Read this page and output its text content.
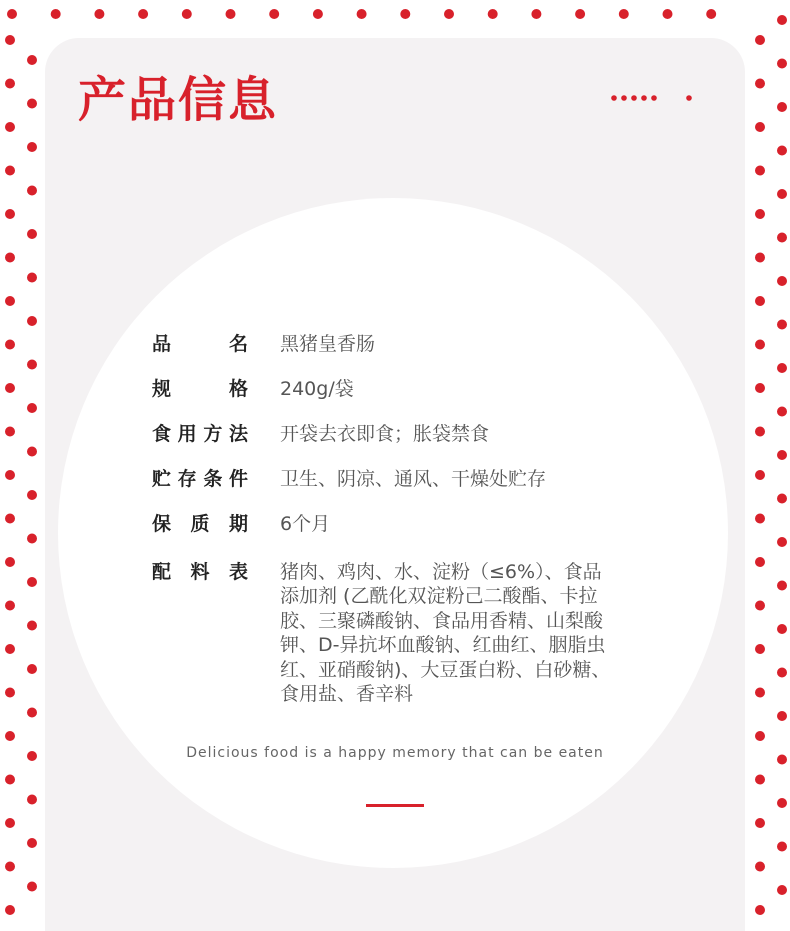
产品信息
品	名 黑猪皇香肠
规	格 240g/袋
食 用 方 法 开袋去衣即食；胀袋禁食
贮 存 条 件 卫生、阴凉、通风、干燥处贮存
保 质 期 6个月
配 料 表 猪肉、鸡肉、水、淀粉（≤6%）、食品
添加剂 (乙酰化双淀粉己二酸酯、卡拉
胶、三聚磷酸钠、食品用香精、山梨酸
钾、D-异抗坏血酸钠、红曲红、胭脂虫
红、亚硝酸钠)、大豆蛋白粉、白砂糖、
食用盐、香辛料
Delicious food is a happy memory that can be eaten
